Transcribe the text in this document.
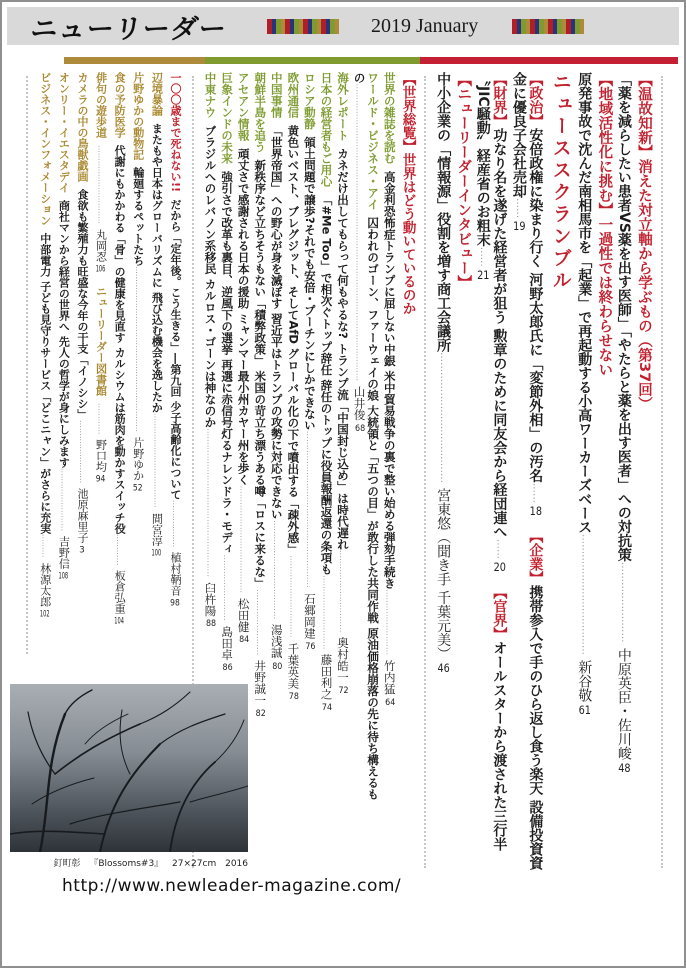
ニューリーダー	2019 January
【温故知新】消えた対立軸から学ぶもの（第37回）
「薬を減らしたい患者VS薬を出す医師」「やたらと薬を出す医者」への対抗策……………………中原英臣・佐川峻48
【地域活性化に挑む】一過性では終わらせない
原発事故で沈んだ南相馬市を「起業」で再起動する小高ワーカーズベース………………………………新谷敬61
ニューススクランブル
【政治】安倍政権に染まり行く 河野太郎氏に「変節外相」の汚名……18【企業】携帯参入で手のひら返し食う楽天 設備投資資金に優良子会社売却……19
【財界】功なり名を遂げた経営者が狙う 勲章のために同友会から経団連へ……20【官界】オールスターから渡された三行半 〝JIC騒動〟経産省のお粗末……21
【ニューリーダーインタビュー】
中小企業の「情報源」役割を増す商工会議所…………………………………宮東悠（聞き手 千葉元美）46
【世界総覧】世界はどう動いているのか
世界の雑誌を読む高金利恐怖症トランプに屈しない中銀 米中貿易戦争の裏で整い始める弾劾手続き……………………竹内猛64
ワールド・ビジネス・アイ囚われのゴーン、ファーウェイの娘 大統領と「五つの目」が敢行した共同作戦 原油価格崩落の先に待ち構えるもの………………………………………………………………………………………………山井俊68
海外レポートカネだけ出してもらって何もやるな? トランプ流「中国封じ込め」は時代遅れ…………………………奥村皓一72
日本の経営者もご用心「#Me Too」で相次ぐトップ辞任 辞任のトップに役員報酬返還の条項も………………………藤田利之74
ロシア動静領土問題で譲歩?それでも安倍・プーチンにしかできない…………………………………………………石郷岡建76
欧州通信黄色いベスト、ブレグジット、そしてAfD グローバル化の下で噴出する「疎外感」…………………………千葉英美78
中国事情「世界帝国」への野心が身を滅ぼす 習近平はトランプの攻勢に対応できない………………………………湯浅誠80
朝鮮半島を追う新秩序など立ちそうもない「積弊政策」 米国の苛立ち漂うある噂「ロスに来るな」……………………井野誠一82
アセアン情報頑丈さで感謝される日本の援助 ミャンマー最小州カヤー州を歩く…………………………………松田健84
巨象インドの未来強引さで改革も裏目、逆風下の選挙 再選に赤信号灯るナレンドラ・モディ……………………島田卓86
中東ナウブラジルへのレバノン系移民 カルロス・ゴーンは神なのか………………………………………………臼杵陽88
一〇〇歳まで死ねない!!だから「定年後。こう生きる」―第九回 少子高齢化について………………植村鞆音98
辺境暴論またもや日本はグローバリズムに 飛び込む機会を逸したか………………………………間宮淳100
片野ゆかの動物記輪廻するペットたち………………………………………………………片野ゆか52
食の予防医学代謝にもかかわる「骨」の健康を見直す カルシウムは筋肉を動かすスイッチ役…………板倉弘重104
俳句の遊歩道…………………………丸岡忍106ニューリーダー図書館…………野口均94
カメラの中の鳥獣戯画食欲も繁殖力も旺盛な今年の干支「イノシシ」……………………池原麻里子3
オンリー・イエスタデイ商社マンから経営の世界へ 先人の哲学が身にしみます……………………吉野信108
ビジネス・インフォメーション中部電力 子ども見守りサービス「どこニャン」がさらに充実………林源太郎102
釘町彰 『Blossoms#3』 27×27cm 2016
http://www.newleader-magazine.com/
